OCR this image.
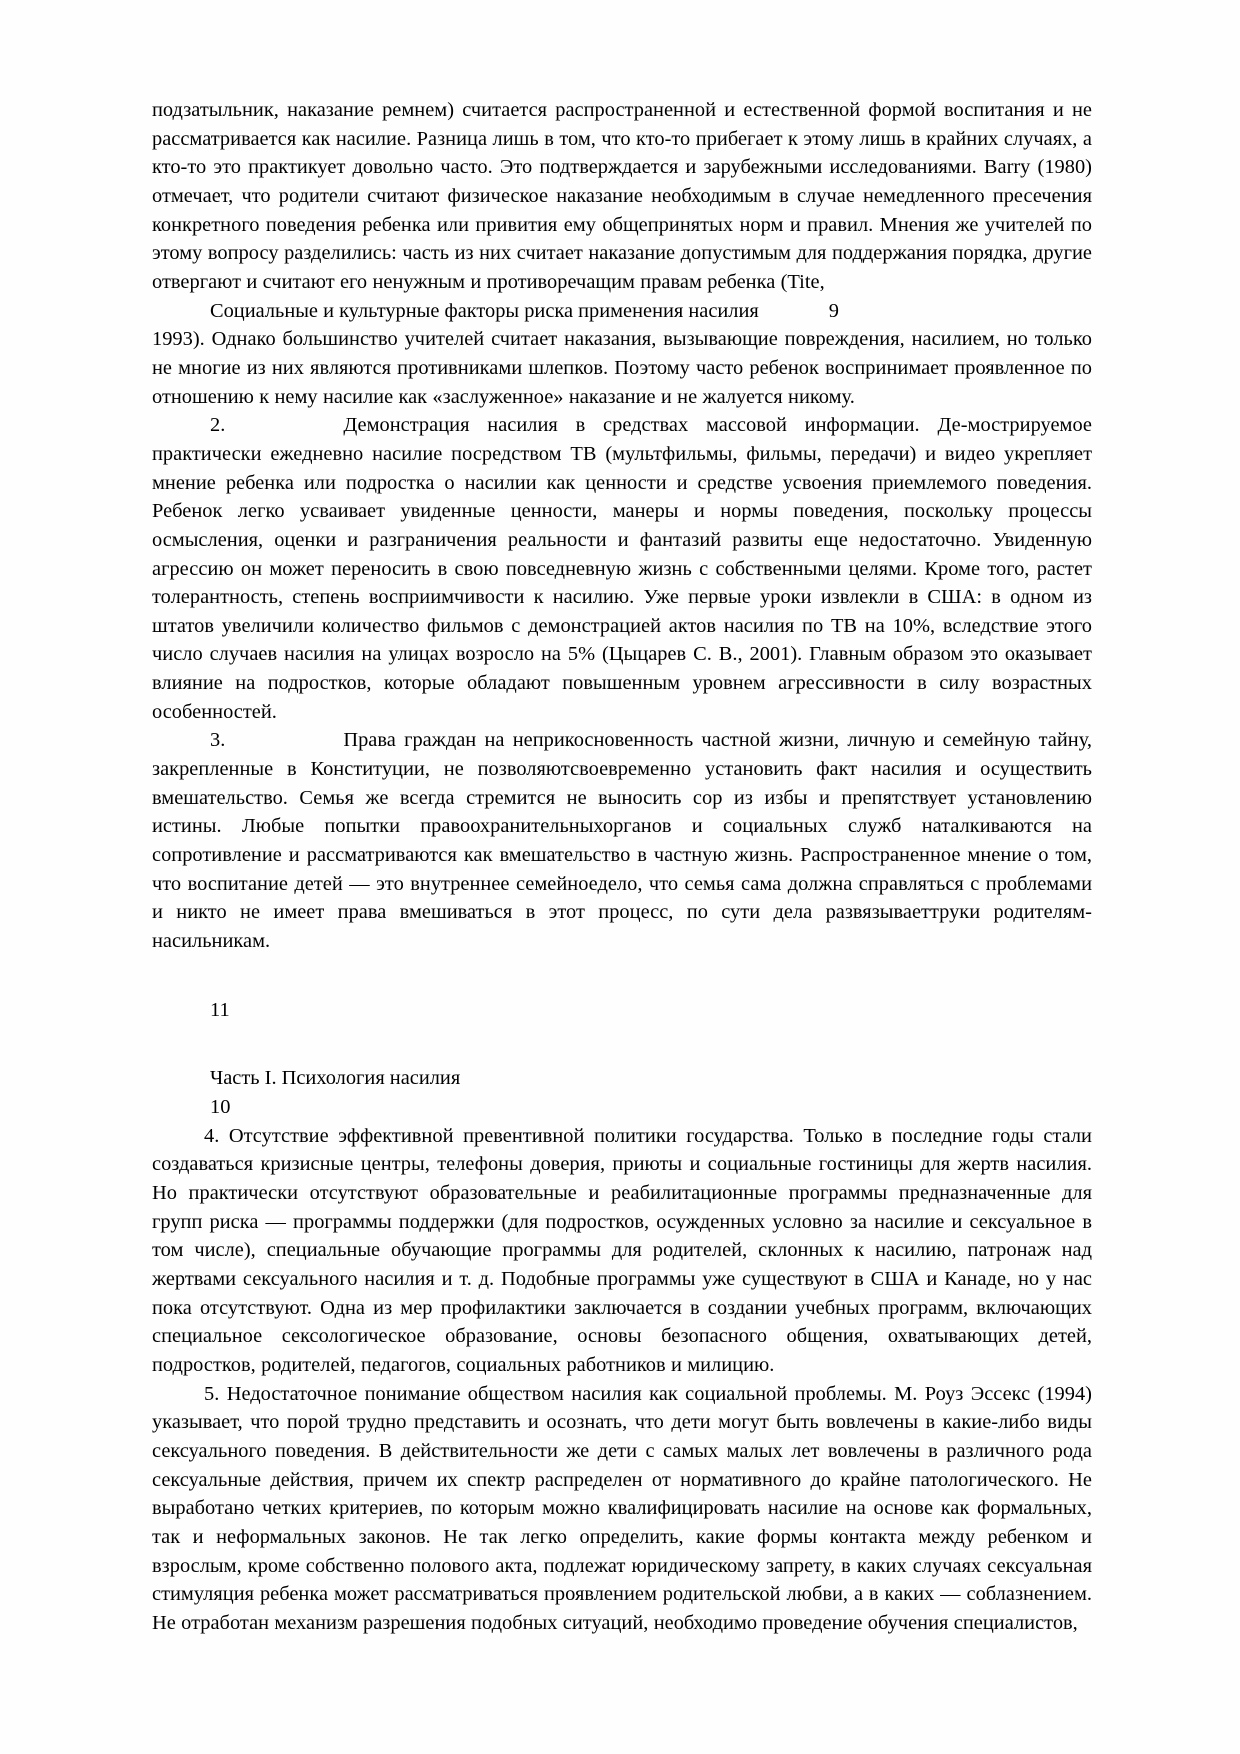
подзатыльник, наказание ремнем) считается распространенной и естественной формой воспитания и не рассматривается как насилие. Разница лишь в том, что кто-то прибегает к этому лишь в крайних случаях, а кто-то это практикует довольно часто. Это подтверждается и зарубежными исследованиями. Barry (1980) отмечает, что родители считают физическое наказание необходимым в случае немедленного пресечения конкретного поведения ребенка или привития ему общепринятых норм и правил. Мнения же учителей по этому вопросу разделились: часть из них считает наказание допустимым для поддержания порядка, другие отвергают и считают его ненужным и противоречащим правам ребенка (Tite,

Социальные и культурные факторы риска применения насилия	9

1993). Однако большинство учителей считает наказания, вызывающие повреждения, насилием, но только не многие из них являются противниками шлепков. Поэтому часто ребенок воспринимает проявленное по отношению к нему насилие как «заслуженное» наказание и не жалуется никому.

2.	Демонстрация насилия в средствах массовой информации. Де-мострируемое практически ежедневно насилие посредством ТВ (мультфильмы, фильмы, передачи) и видео укрепляет мнение ребенка или подростка о насилии как ценности и средстве усвоения приемлемого поведения. Ребенок легко усваивает увиденные ценности, манеры и нормы поведения, поскольку процессы осмысления, оценки и разграничения реальности и фантазий развиты еще недостаточно. Увиденную агрессию он может переносить в свою повседневную жизнь с собственными целями. Кроме того, растет толерантность, степень восприимчивости к насилию. Уже первые уроки извлекли в США: в одном из штатов увеличили количество фильмов с демонстрацией актов насилия по ТВ на 10%, вследствие этого число случаев насилия на улицах возросло на 5% (Цыцарев С. В., 2001). Главным образом это оказывает влияние на подростков, которые обладают повышенным уровнем агрессивности в силу возрастных особенностей.

3.	Права граждан на неприкосновенность частной жизни, личную и семейную тайну, закрепленные в Конституции, не позволяютсвоевременно установить факт насилия и осуществить вмешательство. Семья же всегда стремится не выносить сор из избы и препятствует установлению истины. Любые попытки правоохранительныхорганов и социальных служб наталкиваются на сопротивление и рассматриваются как вмешательство в частную жизнь. Распространенное мнение о том, что воспитание детей — это внутреннее семейноедело, что семья сама должна справляться с проблемами и никто не имеет права вмешиваться в этот процесс, по сути дела развязываеттруки родителям-насильникам.

11

Часть I. Психология насилия

10

4. Отсутствие эффективной превентивной политики государства. Только в последние годы стали создаваться кризисные центры, телефоны доверия, приюты и социальные гостиницы для жертв насилия. Но практически отсутствуют образовательные и реабилитационные программы предназначенные для групп риска — программы поддержки (для подростков, осужденных условно за насилие и сексуальное в том числе), специальные обучающие программы для родителей, склонных к насилию, патронаж над жертвами сексуального насилия и т. д. Подобные программы уже существуют в США и Канаде, но у нас пока отсутствуют. Одна из мер профилактики заключается в создании учебных программ, включающих специальное сексологическое образование, основы безопасного общения, охватывающих детей, подростков, родителей, педагогов, социальных работников и милицию.

5. Недостаточное понимание обществом насилия как социальной проблемы. М. Роуз Эссекс (1994) указывает, что порой трудно представить и осознать, что дети могут быть вовлечены в какие-либо виды сексуального поведения. В действительности же дети с самых малых лет вовлечены в различного рода сексуальные действия, причем их спектр распределен от нормативного до крайне патологического. Не выработано четких критериев, по которым можно квалифицировать насилие на основе как формальных, так и неформальных законов. Не так легко определить, какие формы контакта между ребенком и взрослым, кроме собственно полового акта, подлежат юридическому запрету, в каких случаях сексуальная стимуляция ребенка может рассматриваться проявлением родительской любви, а в каких — соблазнением. Не отработан механизм разрешения подобных ситуаций, необходимо проведение обучения специалистов,
